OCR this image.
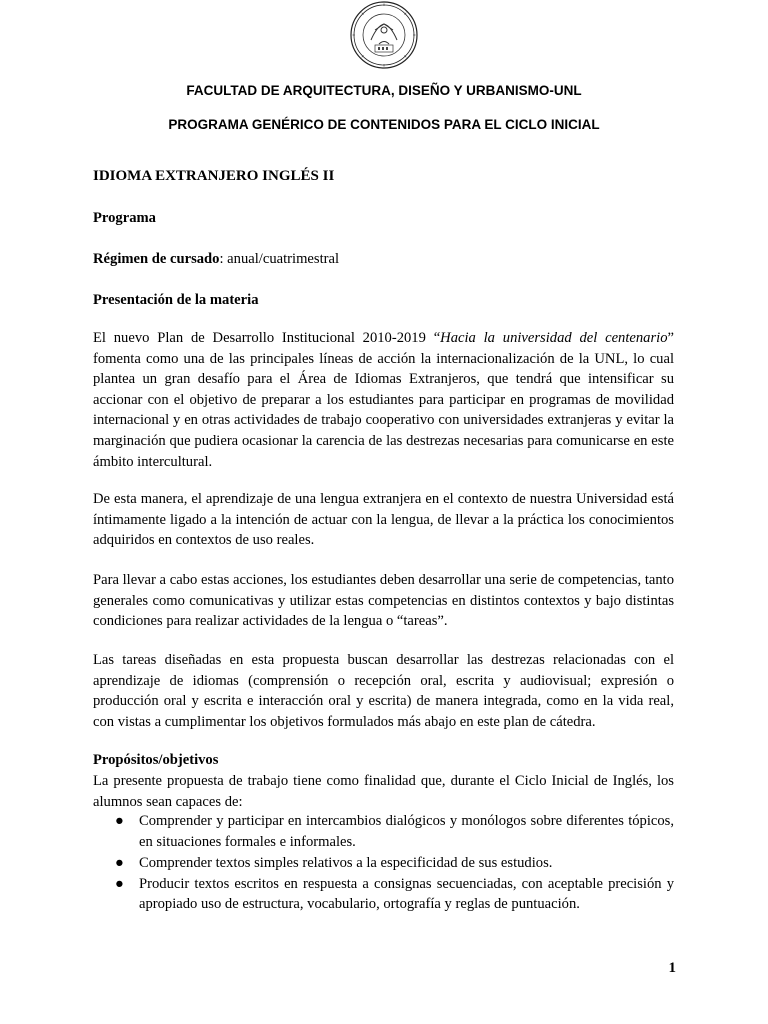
FACULTAD DE ARQUITECTURA, DISEÑO Y URBANISMO-UNL

PROGRAMA GENÉRICO DE CONTENIDOS PARA EL CICLO INICIAL

IDIOMA EXTRANJERO INGLÉS II

Programa

Régimen de cursado: anual/cuatrimestral

Presentación de la materia

El nuevo Plan de Desarrollo Institucional 2010-2019 “Hacia la universidad del centenario” fomenta como una de las principales líneas de acción la internacionalización de la UNL, lo cual plantea un gran desafío para el Área de Idiomas Extranjeros, que tendrá que intensificar su accionar con el objetivo de preparar a los estudiantes para participar en programas de movilidad internacional y en otras actividades de trabajo cooperativo con universidades extranjeras y evitar la marginación que pudiera ocasionar la carencia de las destrezas necesarias para comunicarse en este ámbito intercultural.

De esta manera, el aprendizaje de una lengua extranjera en el contexto de nuestra Universidad está íntimamente ligado a la intención de actuar con la lengua, de llevar a la práctica los conocimientos adquiridos en contextos de uso reales.

Para llevar a cabo estas acciones, los estudiantes deben desarrollar una serie de competencias, tanto generales como comunicativas y utilizar estas competencias en distintos contextos y bajo distintas condiciones para realizar actividades de la lengua o “tareas”.

Las tareas diseñadas en esta propuesta buscan desarrollar las destrezas relacionadas con el aprendizaje de idiomas (comprensión o recepción oral, escrita y audiovisual; expresión o producción oral y escrita e interacción oral y escrita) de manera integrada, como en la vida real, con vistas a cumplimentar los objetivos formulados más abajo en este plan de cátedra.

Propósitos/objetivos

La presente propuesta de trabajo tiene como finalidad que, durante el Ciclo Inicial de Inglés, los alumnos sean capaces de:

● Comprender y participar en intercambios dialógicos y monólogos sobre diferentes tópicos, en situaciones formales e informales.
● Comprender textos simples relativos a la especificidad de sus estudios.
● Producir textos escritos en respuesta a consignas secuenciadas, con aceptable precisión y apropiado uso de estructura, vocabulario, ortografía y reglas de puntuación.

1
